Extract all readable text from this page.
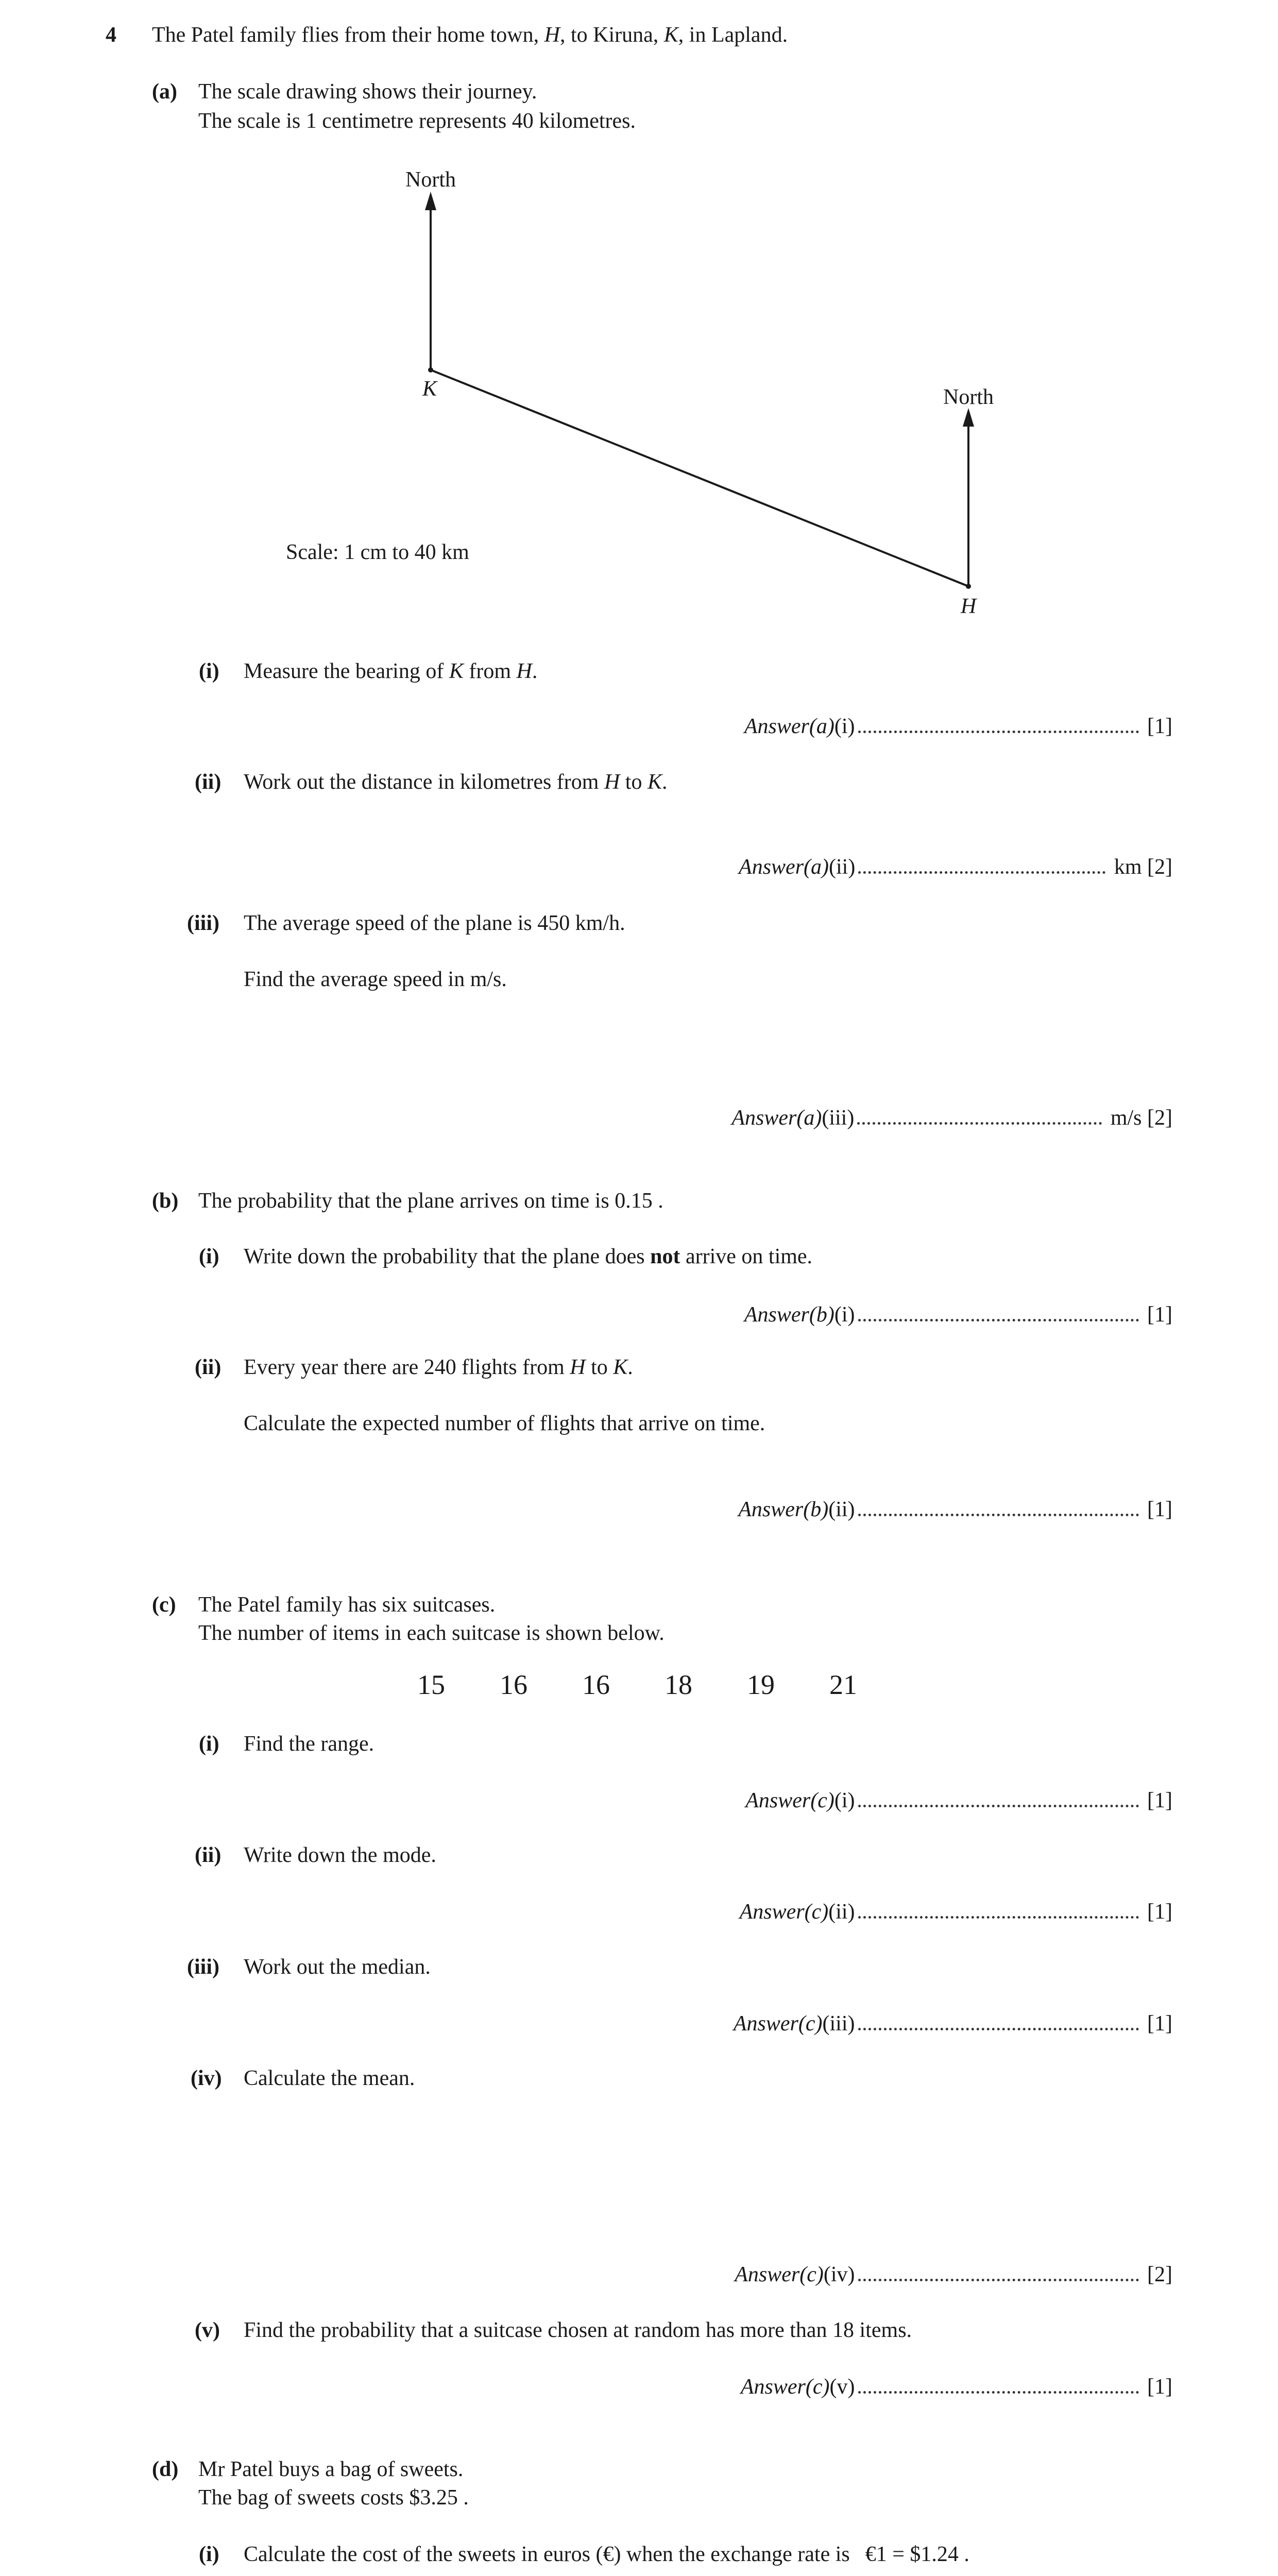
4 The Patel family flies from their home town, H, to Kiruna, K, in Lapland.
(a) The scale drawing shows their journey.
The scale is 1 centimetre represents 40 kilometres.
North
K	North
H
Scale: 1 cm to 40 km
(i) Measure the bearing of K from H.
Answer(a)(i)	[1]
(ii) Work out the distance in kilometres from H to K.
Answer(a)(ii)	km [2]
(iii) The average speed of the plane is 450 km/h.
Find the average speed in m/s.
Answer(a)(iii)	m/s [2]
(b) The probability that the plane arrives on time is 0.15 .
(i) Write down the probability that the plane does not arrive on time.
Answer(b)(i)	[1]
(ii) Every year there are 240 flights from H to K.
Calculate the expected number of flights that arrive on time.
Answer(b)(ii)	[1]
(c) The Patel family has six suitcases.
The number of items in each suitcase is shown below.
15 16 16 18 19 21
(i) Find the range.
Answer(c)(i)	[1]
(ii) Write down the mode.
Answer(c)(ii)	[1]
(iii) Work out the median.
Answer(c)(iii)	[1]
(iv) Calculate the mean.
Answer(c)(iv)	[2]
(v) Find the probability that a suitcase chosen at random has more than 18 items.
Answer(c)(v)	[1]
(d) Mr Patel buys a bag of sweets.
The bag of sweets costs $3.25 .
(i) Calculate the cost of the sweets in euros (€) when the exchange rate is €1 = $1.24 .
